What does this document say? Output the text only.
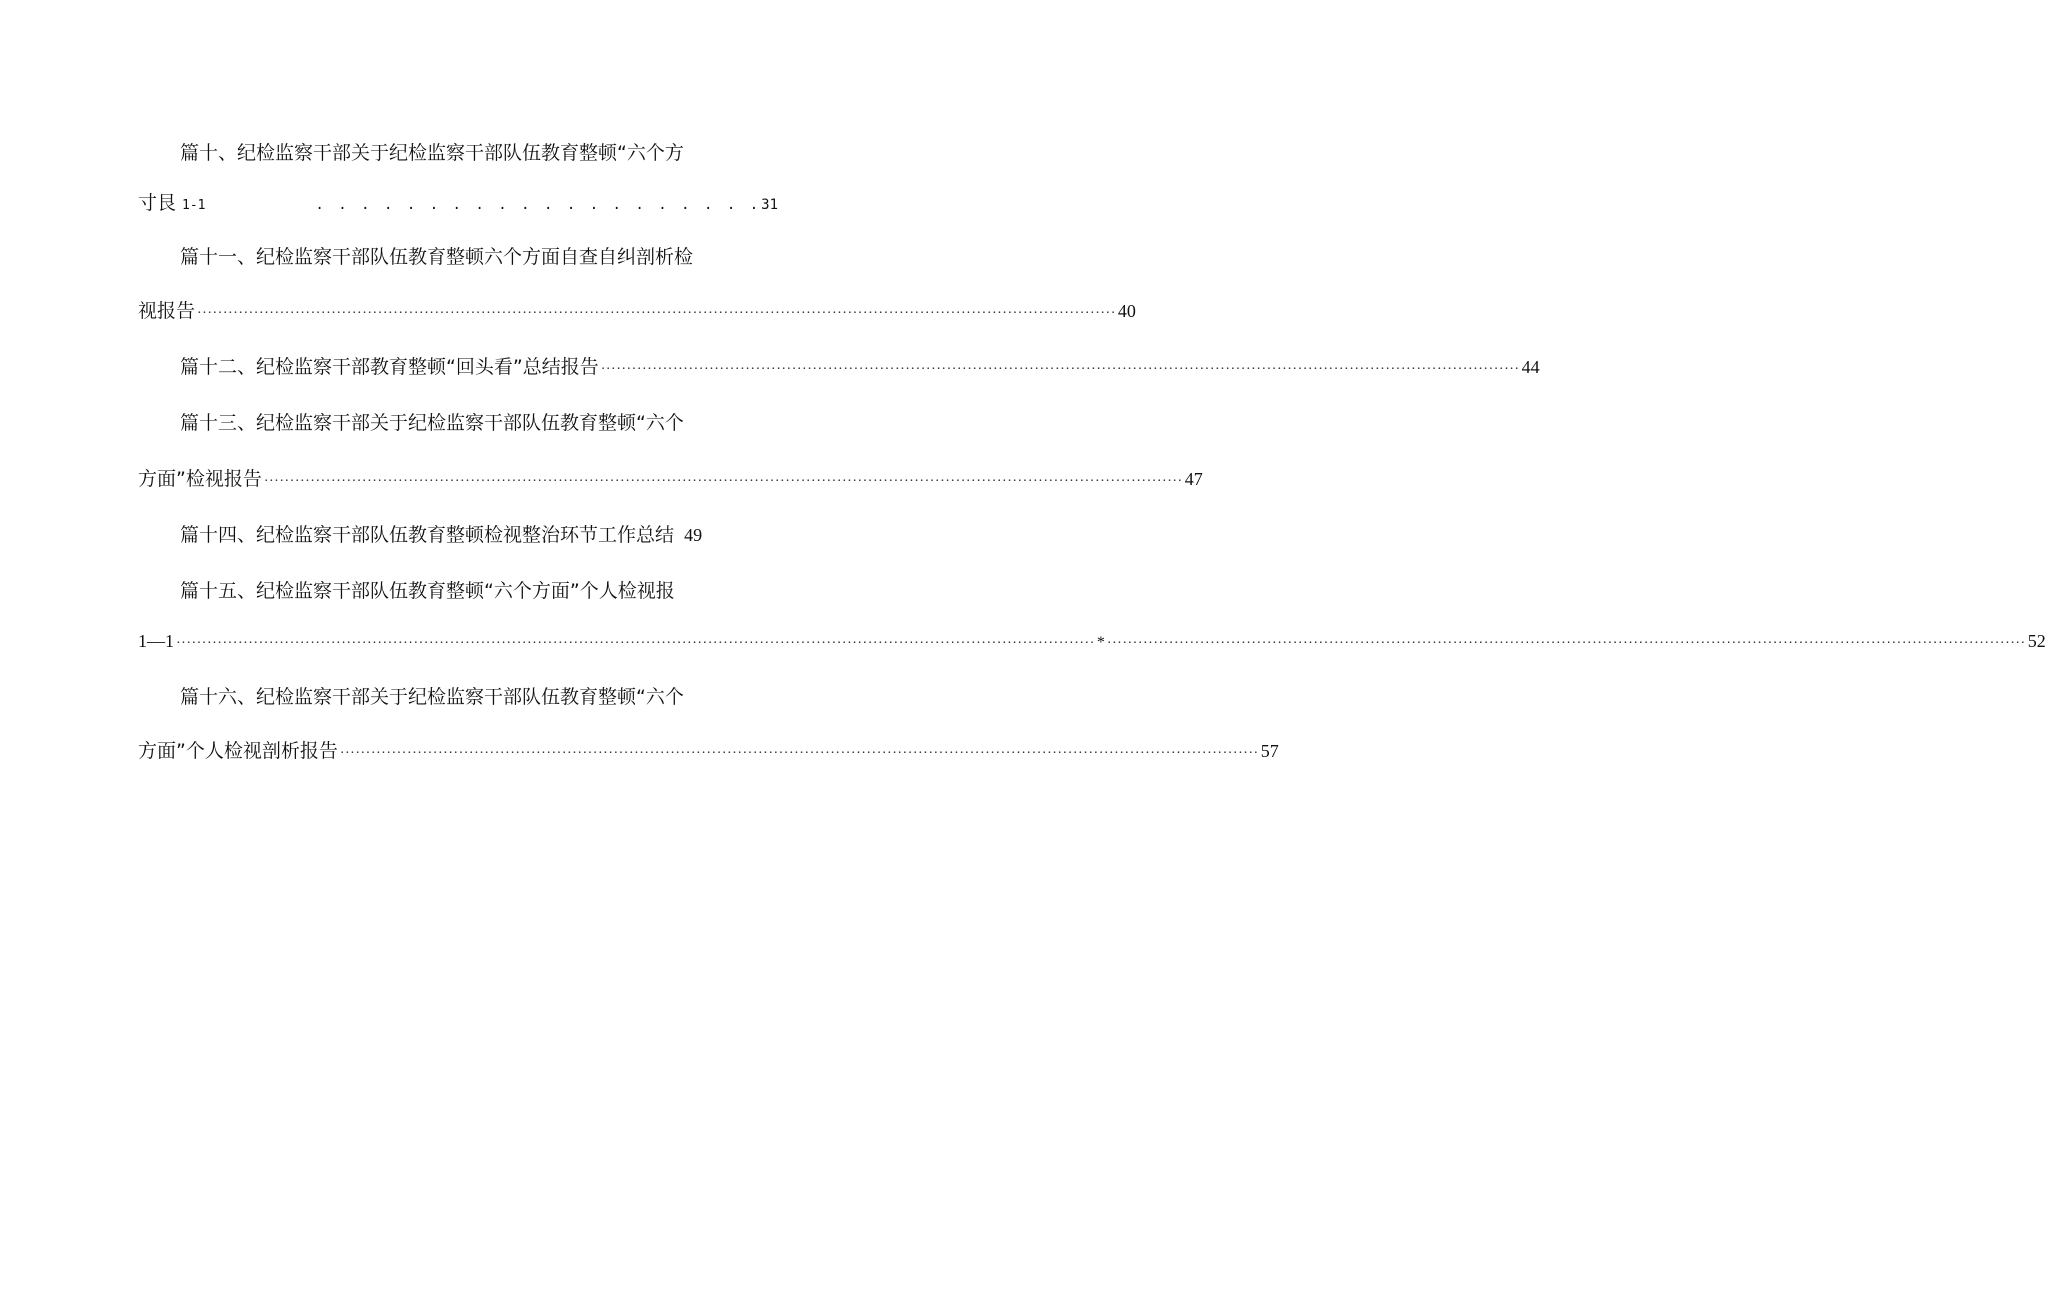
篇十、纪检监察干部关于纪检监察干部队伍教育整顿“六个方
寸艮 1-1	. . . . . . . . . . . . . . . . . . . . 31
篇十一、纪检监察干部队伍教育整顿六个方面自查自纠剖析检
视报告 ·················································································································································································· 40
篇十二、纪检监察干部教育整顿“回头看”总结报告 ·················································································································································································· 44
篇十三、纪检监察干部关于纪检监察干部队伍教育整顿“六个
方面”检视报告 ·················································································································································································· 47
篇十四、纪检监察干部队伍教育整顿检视整治环节工作总结 49
篇十五、纪检监察干部队伍教育整顿“六个方面”个人检视报
1—1 ·················································································································································································· * ·················································································································································································· 52
篇十六、纪检监察干部关于纪检监察干部队伍教育整顿“六个
方面”个人检视剖析报告 ·················································································································································································· 57
